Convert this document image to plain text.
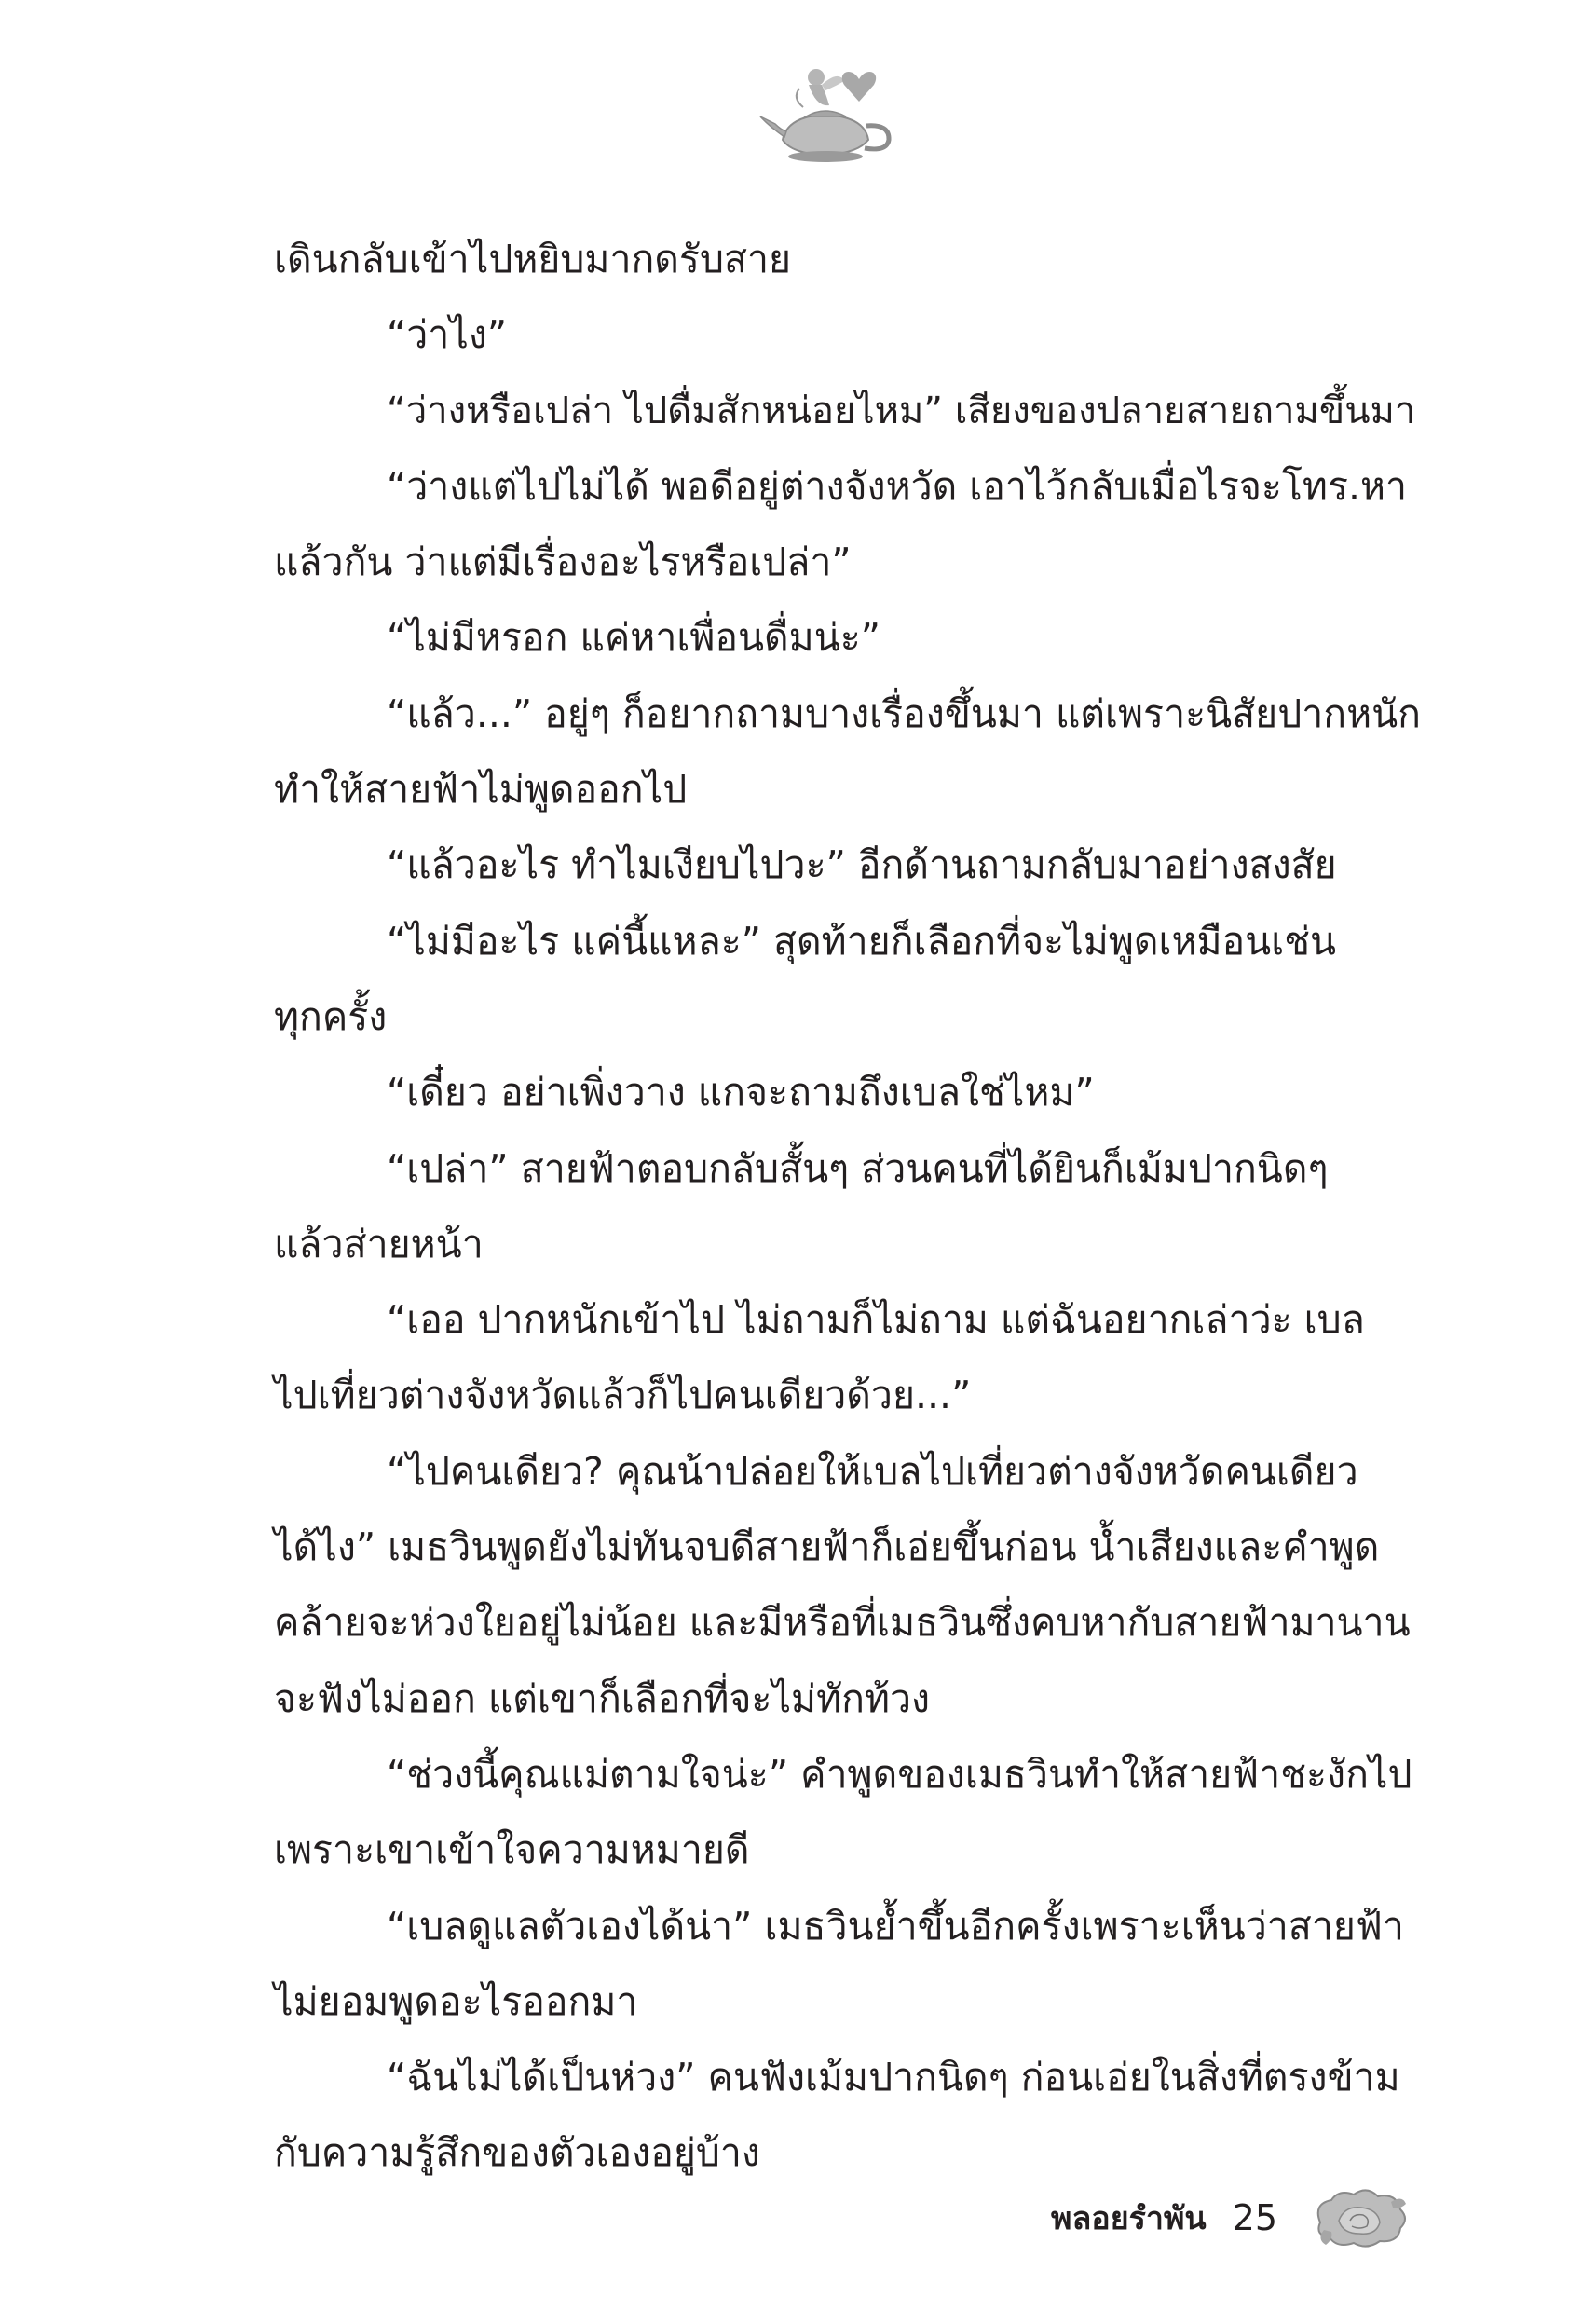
เดินกลับเข้าไปหยิบมากดรับสาย
“ว่าไง”
“ว่างหรือเปล่า ไปดื่มสักหน่อยไหม” เสียงของปลายสายถามขึ้นมา
“ว่างแต่ไปไม่ได้ พอดีอยู่ต่างจังหวัด เอาไว้กลับเมื่อไรจะโทร.หา
แล้วกัน ว่าแต่มีเรื่องอะไรหรือเปล่า”
“ไม่มีหรอก แค่หาเพื่อนดื่มน่ะ”
“แล้ว...” อยู่ๆ ก็อยากถามบางเรื่องขึ้นมา แต่เพราะนิสัยปากหนัก
ทำให้สายฟ้าไม่พูดออกไป
“แล้วอะไร ทำไมเงียบไปวะ” อีกด้านถามกลับมาอย่างสงสัย
“ไม่มีอะไร แค่นี้แหละ” สุดท้ายก็เลือกที่จะไม่พูดเหมือนเช่น
ทุกครั้ง
“เดี๋ยว อย่าเพิ่งวาง แกจะถามถึงเบลใช่ไหม”
“เปล่า” สายฟ้าตอบกลับสั้นๆ ส่วนคนที่ได้ยินก็เม้มปากนิดๆ
แล้วส่ายหน้า
“เออ ปากหนักเข้าไป ไม่ถามก็ไม่ถาม แต่ฉันอยากเล่าว่ะ เบล
ไปเที่ยวต่างจังหวัดแล้วก็ไปคนเดียวด้วย...”
“ไปคนเดียว? คุณน้าปล่อยให้เบลไปเที่ยวต่างจังหวัดคนเดียว
ได้ไง” เมธวินพูดยังไม่ทันจบดีสายฟ้าก็เอ่ยขึ้นก่อน น้ำเสียงและคำพูด
คล้ายจะห่วงใยอยู่ไม่น้อย และมีหรือที่เมธวินซึ่งคบหากับสายฟ้ามานาน
จะฟังไม่ออก แต่เขาก็เลือกที่จะไม่ทักท้วง
“ช่วงนี้คุณแม่ตามใจน่ะ” คำพูดของเมธวินทำให้สายฟ้าชะงักไป
เพราะเขาเข้าใจความหมายดี
“เบลดูแลตัวเองได้น่า” เมธวินย้ำขึ้นอีกครั้งเพราะเห็นว่าสายฟ้า
ไม่ยอมพูดอะไรออกมา
“ฉันไม่ได้เป็นห่วง” คนฟังเม้มปากนิดๆ ก่อนเอ่ยในสิ่งที่ตรงข้าม
กับความรู้สึกของตัวเองอยู่บ้าง
พลอยรำพัน 25
